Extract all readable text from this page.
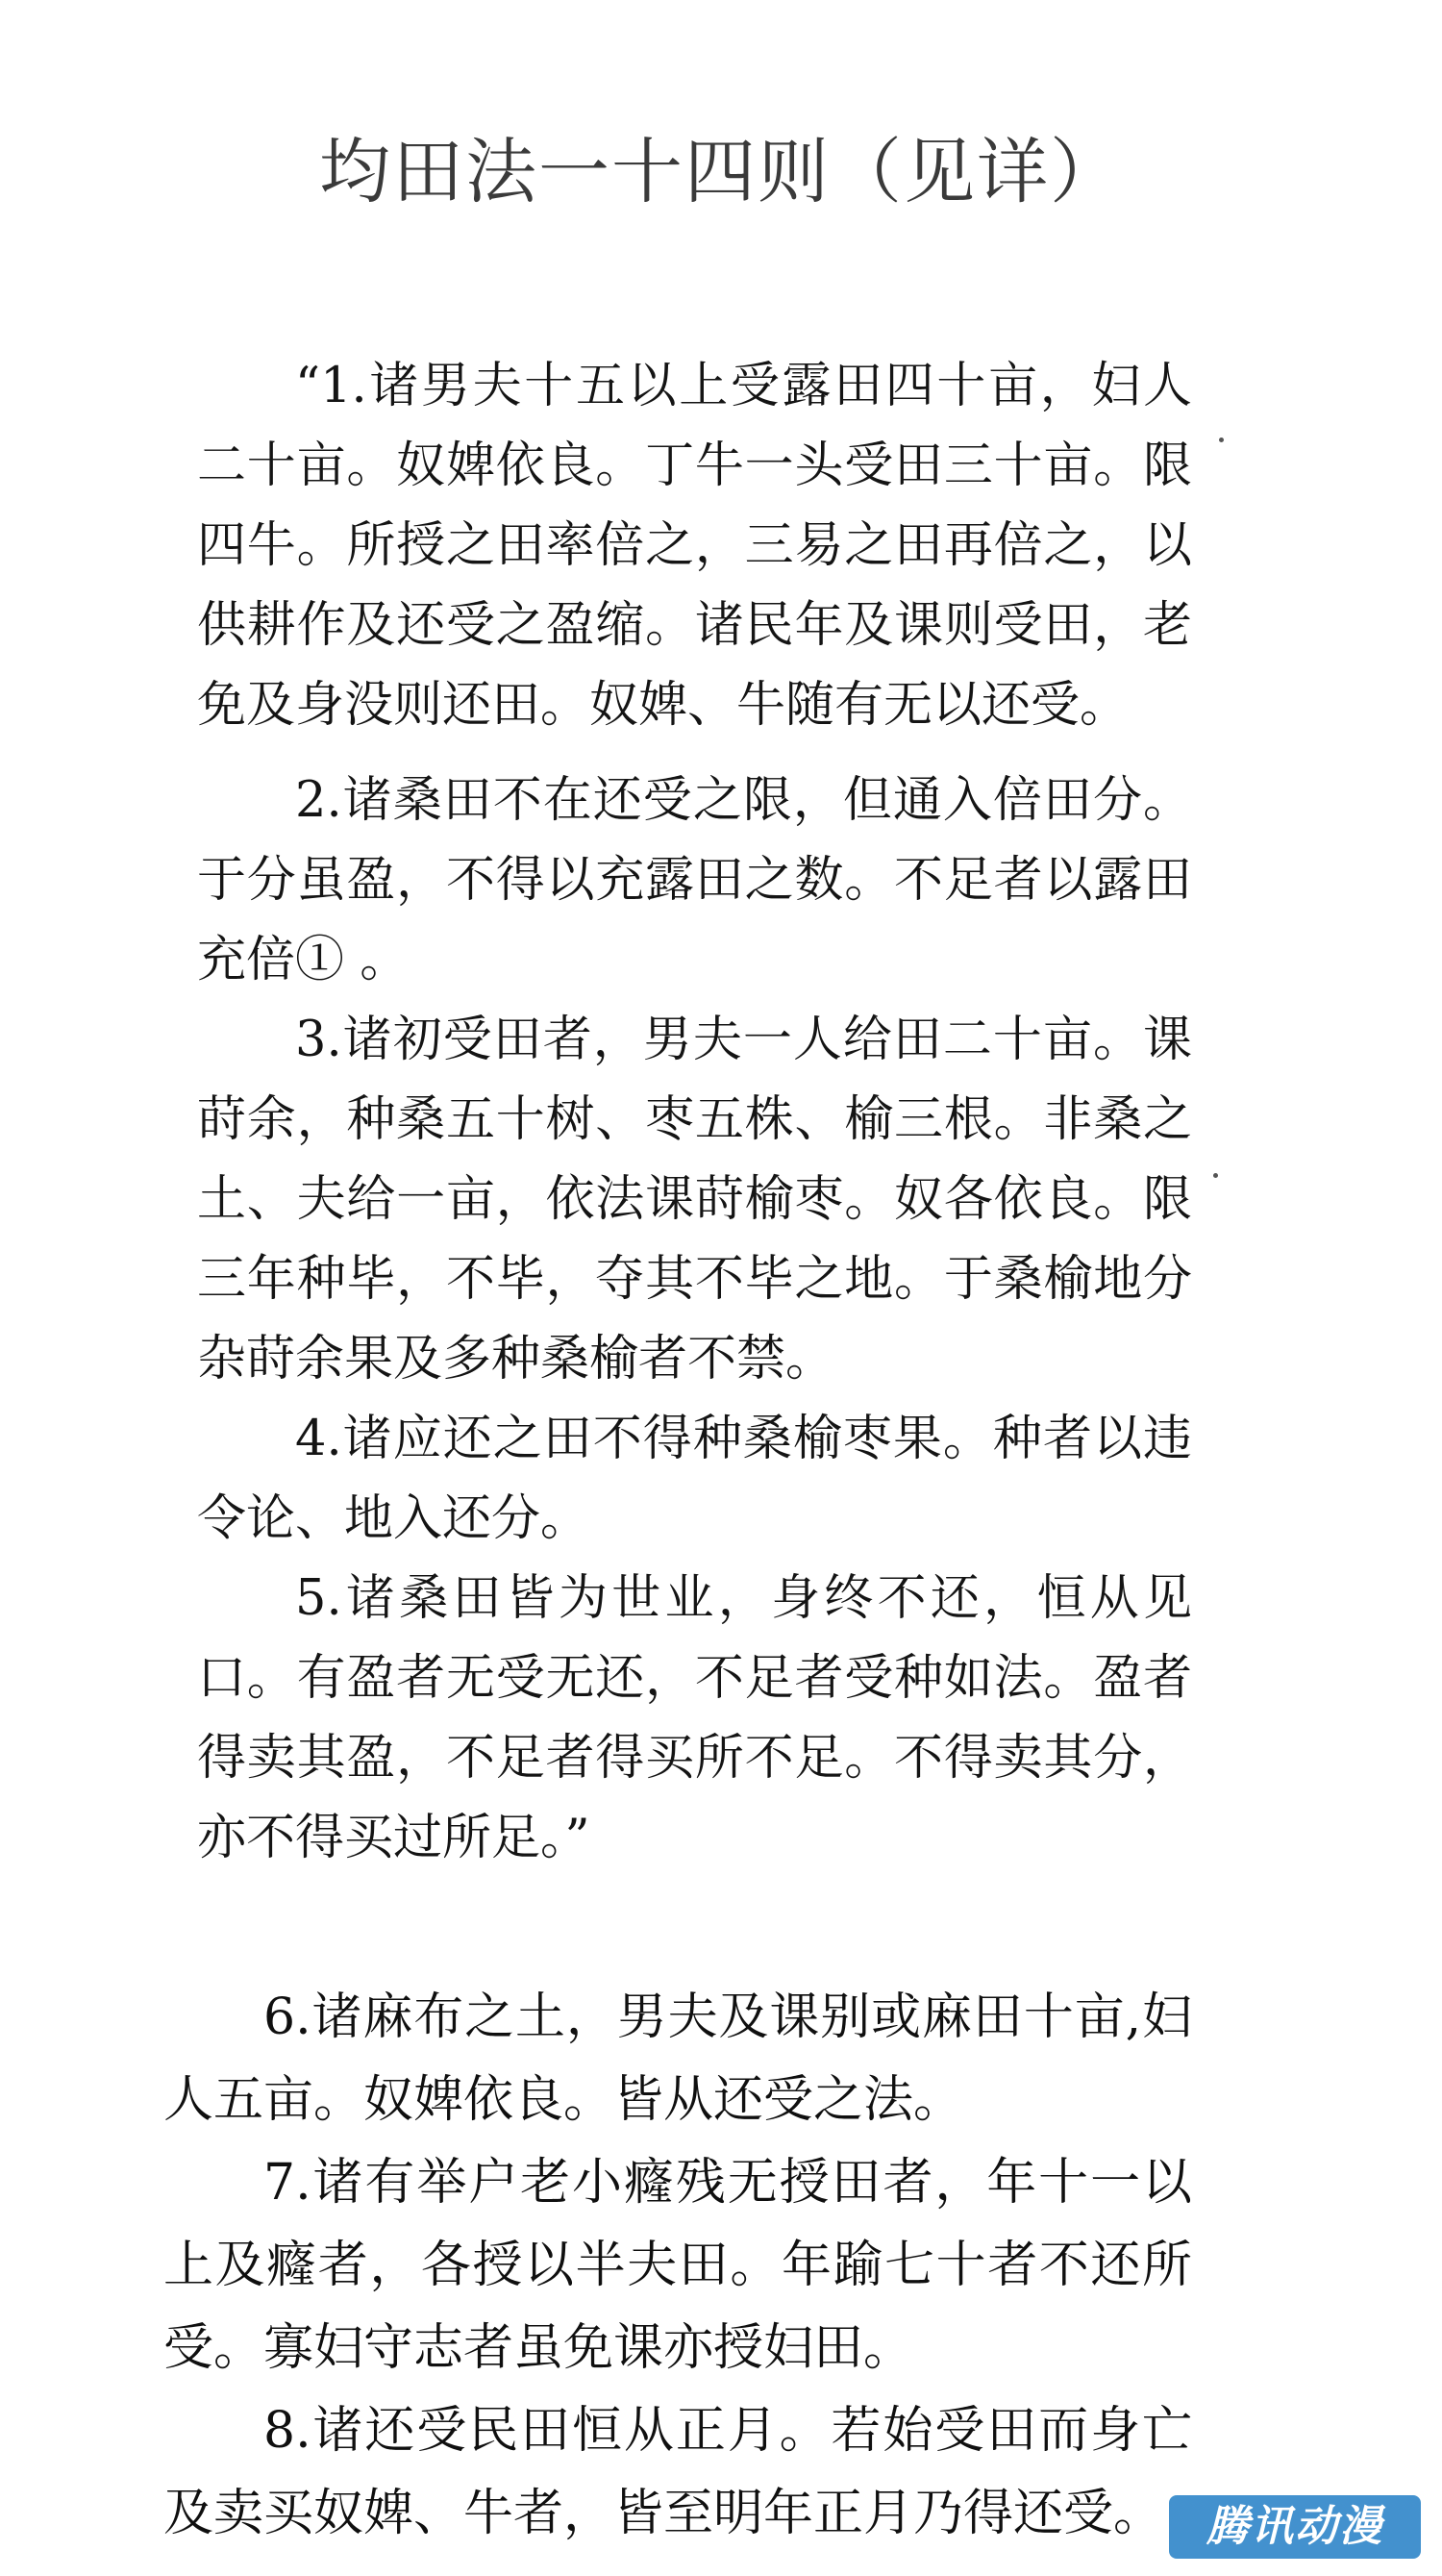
均田法一十四则（见详）

“1.诸男夫十五以上受露田四十亩，妇人二十亩。奴婢依良。丁牛一头受田三十亩。限四牛。所授之田率倍之，三易之田再倍之，以供耕作及还受之盈缩。诸民年及课则受田，老免及身没则还田。奴婢、牛随有无以还受。

2.诸桑田不在还受之限，但通入倍田分。于分虽盈，不得以充露田之数。不足者以露田充倍① 。

3.诸初受田者，男夫一人给田二十亩。课莳余，种桑五十树、枣五株、榆三根。非桑之土、夫给一亩，依法课莳榆枣。奴各依良。限三年种毕，不毕，夺其不毕之地。于桑榆地分杂莳余果及多种桑榆者不禁。

4.诸应还之田不得种桑榆枣果。种者以违令论、地入还分。

5.诸桑田皆为世业，身终不还，恒从见口。有盈者无受无还，不足者受种如法。盈者得卖其盈，不足者得买所不足。不得卖其分，亦不得买过所足。”

6.诸麻布之土，男夫及课别或麻田十亩,妇人五亩。奴婢依良。皆从还受之法。

7.诸有举户老小癃残无授田者，年十一以上及癃者，各授以半夫田。年踰七十者不还所受。寡妇守志者虽免课亦授妇田。

8.诸还受民田恒从正月。若始受田而身亡及卖买奴婢、牛者，皆至明年正月乃得还受。	腾讯动漫
